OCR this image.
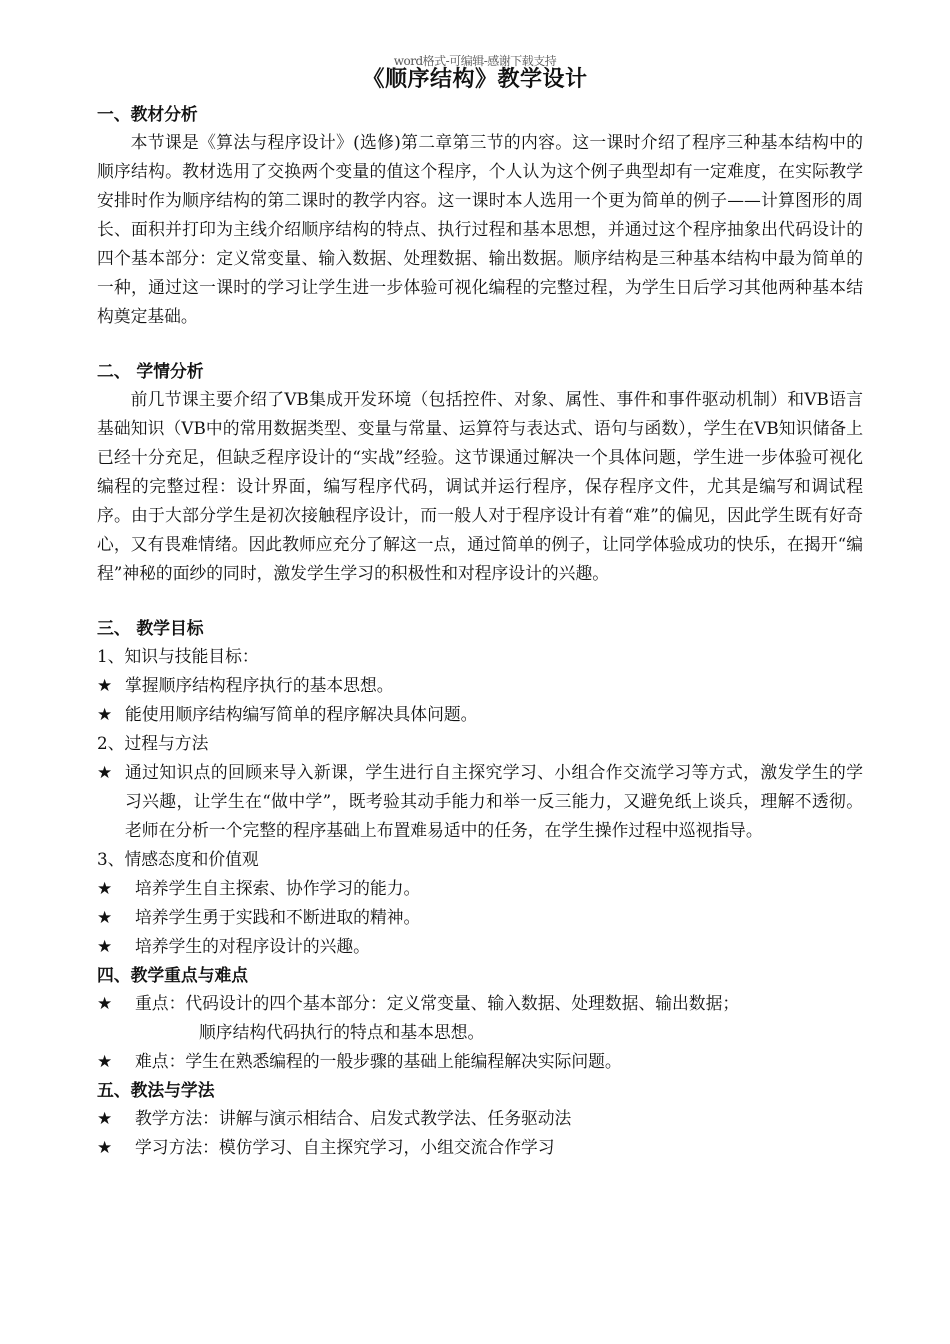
word格式-可编辑-感谢下载支持
《顺序结构》教学设计
一、教材分析
本节课是《算法与程序设计》(选修)第二章第三节的内容。这一课时介绍了程序三种基本结构中的顺序结构。教材选用了交换两个变量的值这个程序，个人认为这个例子典型却有一定难度，在实际教学安排时作为顺序结构的第二课时的教学内容。这一课时本人选用一个更为简单的例子——计算图形的周长、面积并打印为主线介绍顺序结构的特点、执行过程和基本思想，并通过这个程序抽象出代码设计的四个基本部分：定义常变量、输入数据、处理数据、输出数据。顺序结构是三种基本结构中最为简单的一种，通过这一课时的学习让学生进一步体验可视化编程的完整过程，为学生日后学习其他两种基本结构奠定基础。
二、 学情分析
前几节课主要介绍了VB集成开发环境（包括控件、对象、属性、事件和事件驱动机制）和VB语言基础知识（VB中的常用数据类型、变量与常量、运算符与表达式、语句与函数），学生在VB知识储备上已经十分充足，但缺乏程序设计的“实战”经验。这节课通过解决一个具体问题，学生进一步体验可视化编程的完整过程：设计界面，编写程序代码，调试并运行程序，保存程序文件，尤其是编写和调试程序。由于大部分学生是初次接触程序设计，而一般人对于程序设计有着“难”的偏见，因此学生既有好奇心，又有畏难情绪。因此教师应充分了解这一点，通过简单的例子，让同学体验成功的快乐，在揭开“编程”神秘的面纱的同时，激发学生学习的积极性和对程序设计的兴趣。
三、 教学目标
1、知识与技能目标：
★ 掌握顺序结构程序执行的基本思想。
★ 能使用顺序结构编写简单的程序解决具体问题。
2、过程与方法
★ 通过知识点的回顾来导入新课，学生进行自主探究学习、小组合作交流学习等方式，激发学生的学习兴趣，让学生在“做中学”，既考验其动手能力和举一反三能力，又避免纸上谈兵，理解不透彻。老师在分析一个完整的程序基础上布置难易适中的任务，在学生操作过程中巡视指导。
3、情感态度和价值观
★ 培养学生自主探索、协作学习的能力。
★ 培养学生勇于实践和不断进取的精神。
★ 培养学生的对程序设计的兴趣。
四、教学重点与难点
★ 重点：代码设计的四个基本部分：定义常变量、输入数据、处理数据、输出数据；
顺序结构代码执行的特点和基本思想。
★ 难点：学生在熟悉编程的一般步骤的基础上能编程解决实际问题。
五、教法与学法
★ 教学方法：讲解与演示相结合、启发式教学法、任务驱动法
★ 学习方法：模仿学习、自主探究学习，小组交流合作学习
